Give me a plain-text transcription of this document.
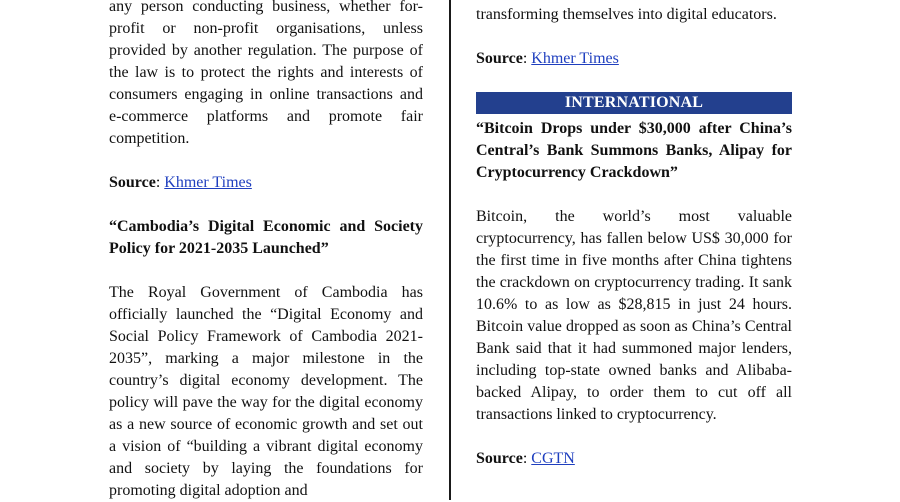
any person conducting business, whether for-profit or non-profit organisations, unless provided by another regulation. The purpose of the law is to protect the rights and interests of consumers engaging in online transactions and e-commerce platforms and promote fair competition.

Source: Khmer Times

“Cambodia’s Digital Economic and Society Policy for 2021-2035 Launched”

The Royal Government of Cambodia has officially launched the “Digital Economy and Social Policy Framework of Cambodia 2021-2035”, marking a major milestone in the country’s digital economy development. The policy will pave the way for the digital economy as a new source of economic growth and set out a vision of “building a vibrant digital economy and society by laying the foundations for promoting digital adoption and

transforming themselves into digital educators.

Source: Khmer Times

INTERNATIONAL

“Bitcoin Drops under $30,000 after China’s Central’s Bank Summons Banks, Alipay for Cryptocurrency Crackdown”

Bitcoin, the world’s most valuable cryptocurrency, has fallen below US$ 30,000 for the first time in five months after China tightens the crackdown on cryptocurrency trading. It sank 10.6% to as low as $28,815 in just 24 hours. Bitcoin value dropped as soon as China’s Central Bank said that it had summoned major lenders, including top-state owned banks and Alibaba-backed Alipay, to order them to cut off all transactions linked to cryptocurrency.

Source: CGTN
